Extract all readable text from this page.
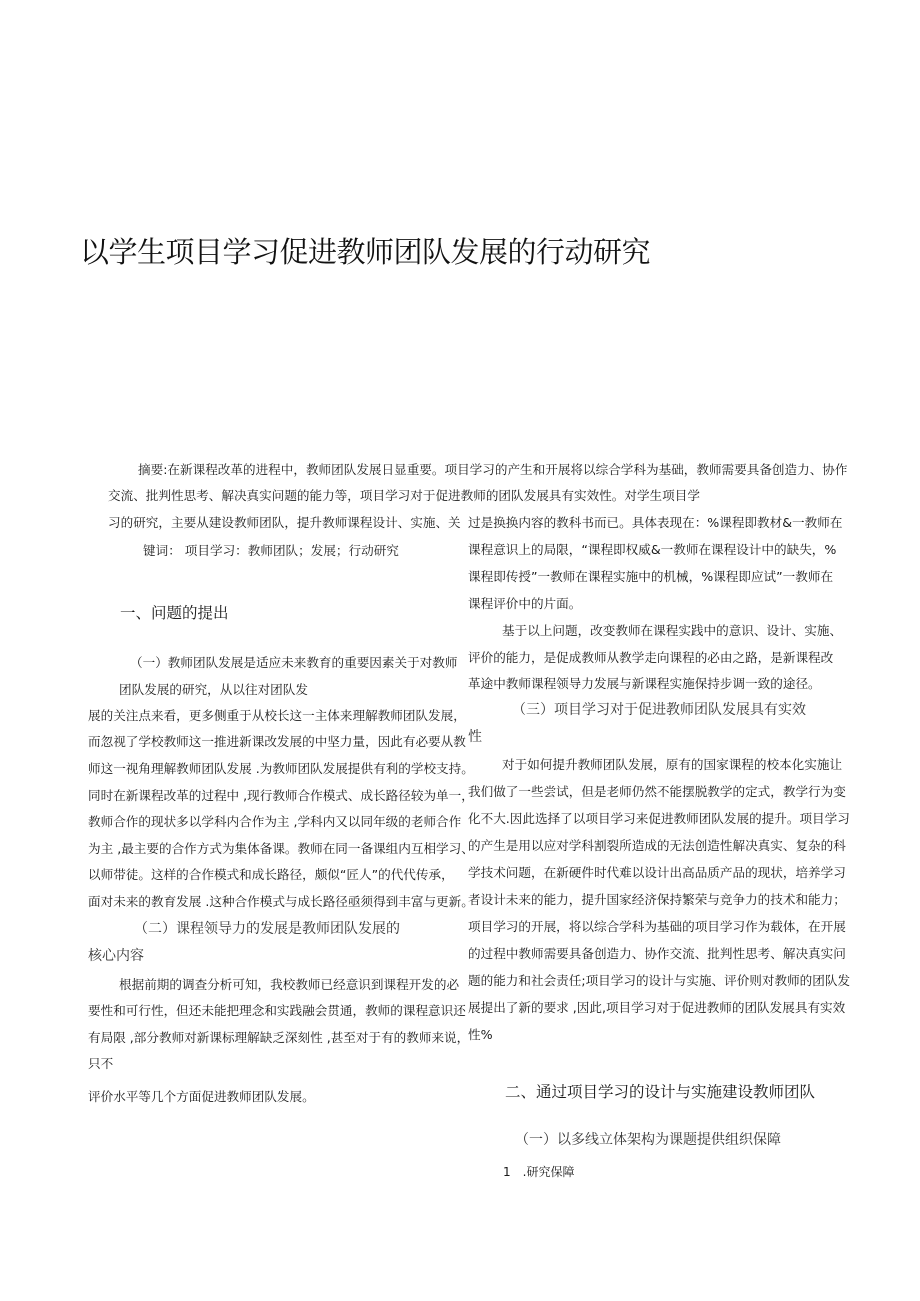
以学生项目学习促进教师团队发展的行动研究
摘要:在新课程改革的进程中，教师团队发展日显重要。项目学习的产生和开展将以综合学科为基础，教师需要具备创造力、协作
交流、批判性思考、解决真实问题的能力等，项目学习对于促进教师的团队发展具有实效性。对学生项目学
习的研究，主要从建设教师团队，提升教师课程设计、实施、关
键词： 项目学习：教师团队；发展；行动研究
一、问题的提出
（一）教师团队发展是适应未来教育的重要因素关于对教师
团队发展的研究，从以往对团队发
展的关注点来看，更多侧重于从校长这一主体来理解教师团队发展，
而忽视了学校教师这一推进新课改发展的中坚力量，因此有必要从教
师这一视角理解教师团队发展 .为教师团队发展提供有利的学校支持。
同时在新课程改革的过程中 ,现行教师合作模式、成长路径较为单一，
教师合作的现状多以学科内合作为主 ,学科内又以同年级的老师合作
为主 ,最主要的合作方式为集体备课。教师在同一备课组内互相学习、
以师带徒。这样的合作模式和成长路径，颇似“匠人”的代代传承，
面对未来的教育发展 .这种合作模式与成长路径亟须得到丰富与更新。
（二）课程领导力的发展是教师团队发展的
核心内容
根据前期的调查分析可知，我校教师已经意识到课程开发的必
要性和可行性，但还未能把理念和实践融会贯通，教师的课程意识还
有局限 ,部分教师对新课标理解缺乏深刻性 ,甚至对于有的教师来说，
只不
评价水平等几个方面促进教师团队发展。
过是换换内容的教科书而已。具体表现在：%课程即教材&一教师在
课程意识上的局限，“课程即权威&一教师在课程设计中的缺失，%
课程即传授”一教师在课程实施中的机械，%课程即应试”一教师在
课程评价中的片面。
基于以上问题，改变教师在课程实践中的意识、设计、实施、
评价的能力，是促成教师从教学走向课程的必由之路，是新课程改
革途中教师课程领导力发展与新课程实施保持步调一致的途径。
（三）项目学习对于促进教师团队发展具有实效
性
对于如何提升教师团队发展，原有的国家课程的校本化实施让
我们做了一些尝试，但是老师仍然不能摆脱教学的定式，教学行为变
化不大.因此选择了以项目学习来促进教师团队发展的提升。项目学习
的产生是用以应对学科割裂所造成的无法创造性解决真实、复杂的科
学技术问题，在新硬件时代难以设计出高品质产品的现状，培养学习
者设计未来的能力，提升国家经济保持繁荣与竞争力的技术和能力；
项目学习的开展，将以综合学科为基础的项目学习作为载体，在开展
的过程中教师需要具备创造力、协作交流、批判性思考、解决真实问
题的能力和社会责任;项目学习的设计与实施、评价则对教师的团队发
展提出了新的要求 ,因此,项目学习对于促进教师的团队发展具有实效
性%
二、通过项目学习的设计与实施建设教师团队
（一）以多线立体架构为课题提供组织保障
1　.研究保障
